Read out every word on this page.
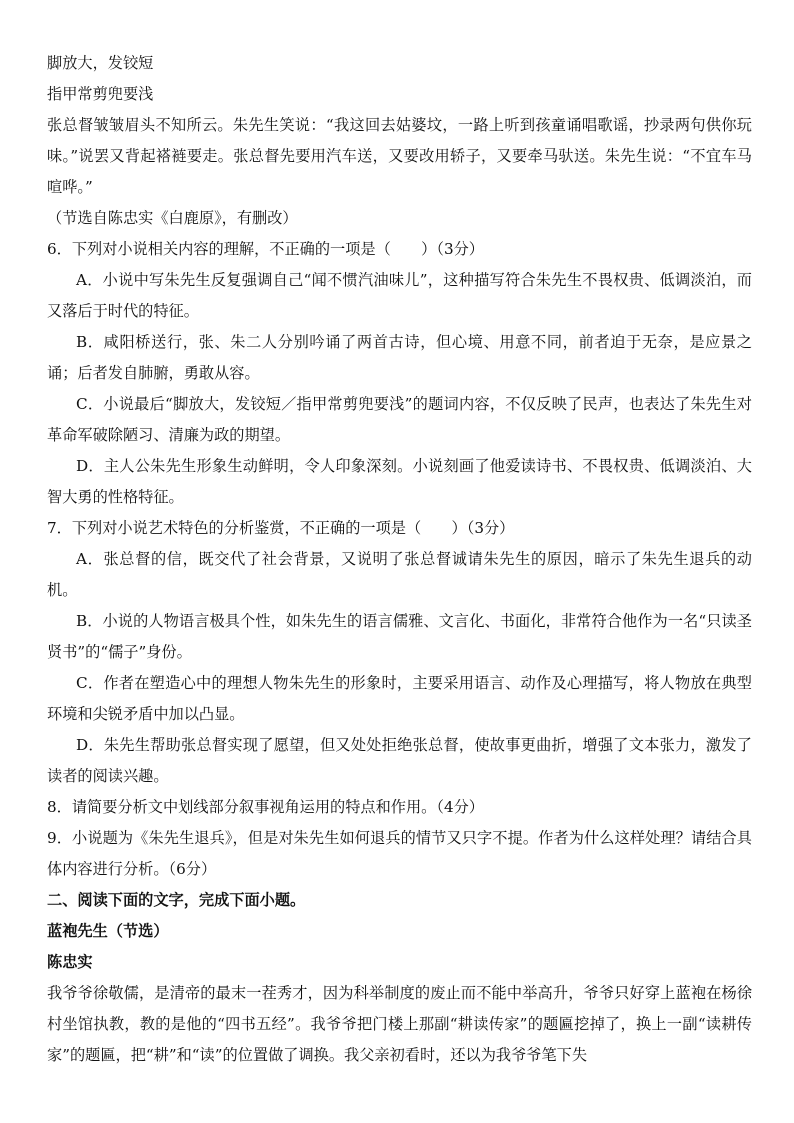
脚放大，发铰短

指甲常剪兜要浅

张总督皱皱眉头不知所云。朱先生笑说：“我这回去姑婆坟，一路上听到孩童诵唱歌谣，抄录两句供你玩味。”说罢又背起褡裢要走。张总督先要用汽车送，又要改用轿子，又要牵马驮送。朱先生说：“不宜车马喧哗。”

（节选自陈忠实《白鹿原》，有删改）

6．下列对小说相关内容的理解，不正确的一项是（　　）（3分）

A．小说中写朱先生反复强调自己“闻不惯汽油味儿”，这种描写符合朱先生不畏权贵、低调淡泊，而又落后于时代的特征。

B．咸阳桥送行，张、朱二人分别吟诵了两首古诗，但心境、用意不同，前者迫于无奈，是应景之诵；后者发自肺腑，勇敢从容。

C．小说最后“脚放大，发铰短／指甲常剪兜要浅”的题词内容，不仅反映了民声，也表达了朱先生对革命军破除陋习、清廉为政的期望。

D．主人公朱先生形象生动鲜明，令人印象深刻。小说刻画了他爱读诗书、不畏权贵、低调淡泊、大智大勇的性格特征。

7．下列对小说艺术特色的分析鉴赏，不正确的一项是（　　）（3分）

A．张总督的信，既交代了社会背景，又说明了张总督诚请朱先生的原因，暗示了朱先生退兵的动机。

B．小说的人物语言极具个性，如朱先生的语言儒雅、文言化、书面化，非常符合他作为一名“只读圣贤书”的“儒子”身份。

C．作者在塑造心中的理想人物朱先生的形象时，主要采用语言、动作及心理描写，将人物放在典型环境和尖锐矛盾中加以凸显。

D．朱先生帮助张总督实现了愿望，但又处处拒绝张总督，使故事更曲折，增强了文本张力，激发了读者的阅读兴趣。

8．请简要分析文中划线部分叙事视角运用的特点和作用。（4分）

9．小说题为《朱先生退兵》，但是对朱先生如何退兵的情节又只字不提。作者为什么这样处理？请结合具体内容进行分析。（6分）

二、阅读下面的文字，完成下面小题。

蓝袍先生（节选）

陈忠实

我爷爷徐敬儒，是清帝的最末一茬秀才，因为科举制度的废止而不能中举高升，爷爷只好穿上蓝袍在杨徐村坐馆执教，教的是他的“四书五经”。我爷爷把门楼上那副“耕读传家”的题匾挖掉了，换上一副“读耕传家”的题匾，把“耕”和“读”的位置做了调换。我父亲初看时，还以为我爷爷笔下失
